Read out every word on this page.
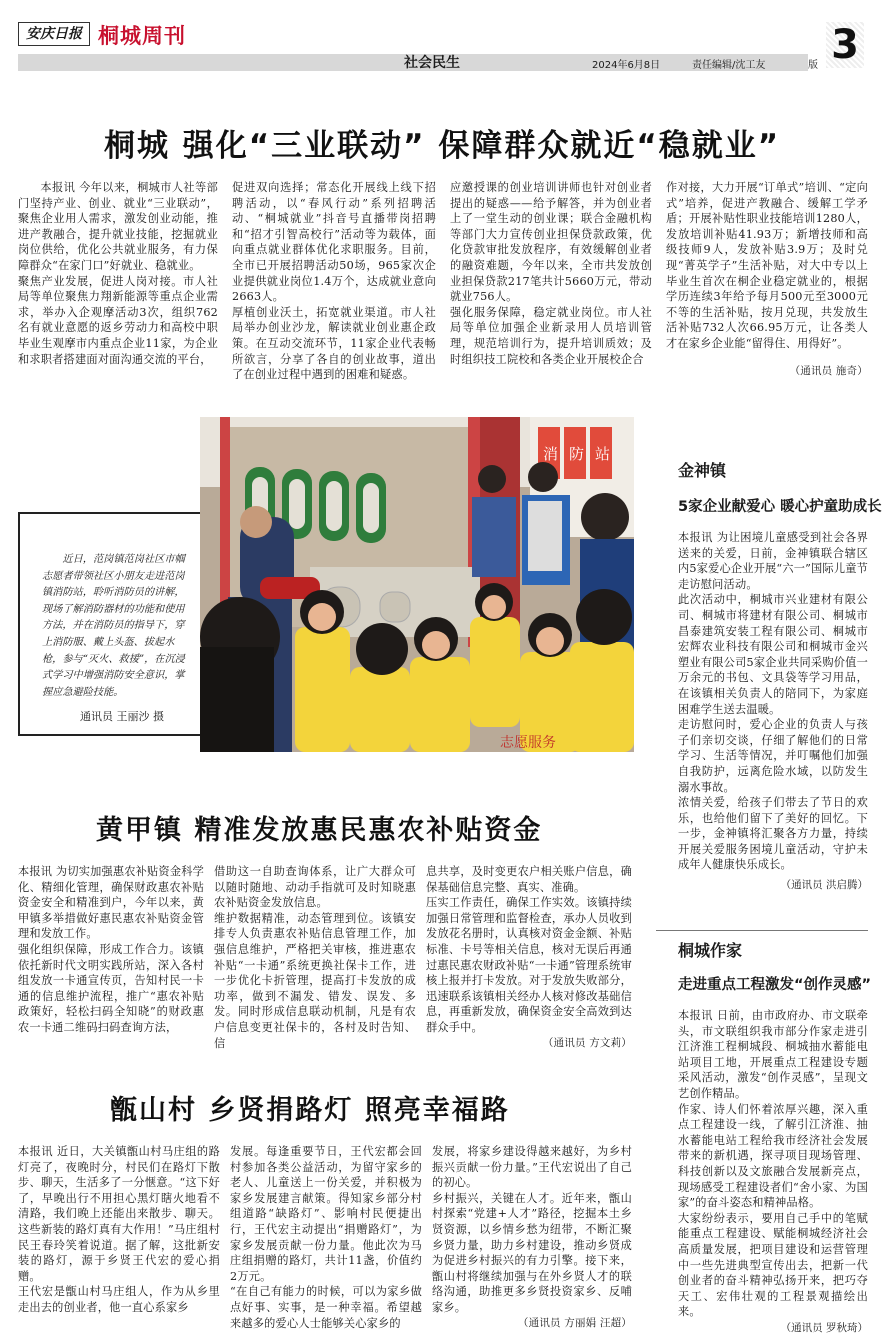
安庆日报 桐城周刊
社会民生	2024年6月8日	责任编辑/沈工友	版 3
桐城 强化“三业联动” 保障群众就近“稳就业”
本报讯 今年以来，桐城市人社等部门坚持产业、创业、就业“三业联动”，聚焦企业用人需求，激发创业动能，推进产教融合，提升就业技能，挖掘就业岗位供给，优化公共就业服务，有力保障群众“在家门口”好就业、稳就业。
聚焦产业发展，促进人岗对接。市人社局等单位聚焦力翔新能源等重点企业需求，举办入企观摩活动3次，组织762名有就业意愿的返乡劳动力和高校中职毕业生观摩市内重点企业11家，为企业和求职者搭建面对面沟通交流的平台，
促进双向选择；常态化开展线上线下招聘活动，以“春风行动”系列招聘活动、“桐城就业”抖音号直播带岗招聘和“招才引智高校行”活动等为载体，面向重点就业群体优化求职服务。目前，全市已开展招聘活动50场，965家次企业提供就业岗位1.4万个，达成就业意向2663人。
厚植创业沃土，拓宽就业渠道。市人社局举办创业沙龙，解读就业创业惠企政策。在互动交流环节，11家企业代表畅所欲言，分享了各自的创业故事，道出了在创业过程中遇到的困难和疑惑。
应邀授课的创业培训讲师也针对创业者提出的疑惑——给予解答，并为创业者上了一堂生动的创业课；联合金融机构等部门大力宣传创业担保贷款政策，优化贷款审批发放程序，有效缓解创业者的融资难题，今年以来，全市共发放创业担保贷款217笔共计5660万元，带动就业756人。
强化服务保障，稳定就业岗位。市人社局等单位加强企业新录用人员培训管理，规范培训行为，提升培训质效；及时组织技工院校和各类企业开展校企合
作对接，大力开展“订单式”培训、“定向式”培养，促进产教融合、缓解工学矛盾；开展补贴性职业技能培训1280人，发放培训补贴41.93万；新增技师和高级技师9人，发放补贴3.9万；及时兑现“菁英学子”生活补贴，对大中专以上毕业生首次在桐企业稳定就业的，根据学历连续3年给予每月500元至3000元不等的生活补贴，按月兑现，共发放生活补贴732人次66.95万元，让各类人才在家乡企业能“留得住、用得好”。
（通讯员 施奇）
近日，范岗镇范岗社区市帼志愿者带领社区小朋友走进范岗镇消防站，聆听消防员的讲解，现场了解消防器材的功能和使用方法，并在消防员的指导下，穿上消防服、戴上头盔、拔起水枪，参与“灭火、救援”，在沉浸式学习中增强消防安全意识，掌握应急避险技能。
通讯员 王丽沙 摄
消 防 站
志愿服务
金神镇
5家企业献爱心 暖心护童助成长
本报讯 为让困境儿童感受到社会各界送来的关爱，日前，金神镇联合辖区内5家爱心企业开展“六一”国际儿童节走访慰问活动。
此次活动中，桐城市兴业建材有限公司、桐城市将建材有限公司、桐城市昌泰建筑安装工程有限公司、桐城市宏辉农业科技有限公司和桐城市金兴塑业有限公司5家企业共同采购价值一万余元的书包、文具袋等学习用品，在该镇相关负责人的陪同下，为家庭困难学生送去温暖。
走访慰问时，爱心企业的负责人与孩子们亲切交谈，仔细了解他们的日常学习、生活等情况，并叮嘱他们加强自我防护，远离危险水域，以防发生溺水事故。
浓情关爱，给孩子们带去了节日的欢乐，也给他们留下了美好的回忆。下一步，金神镇将汇聚各方力量，持续开展关爱服务困境儿童活动，守护未成年人健康快乐成长。
（通讯员 洪启腾）
黄甲镇 精准发放惠民惠农补贴资金
本报讯 为切实加强惠农补贴资金科学化、精细化管理，确保财政惠农补贴资金安全和精准到户，今年以来，黄甲镇多举措做好惠民惠农补贴资金管理和发放工作。
强化组织保障，形成工作合力。该镇依托新时代文明实践所站，深入各村组发放一卡通宣传页，告知村民一卡通的信息维护流程，推广“惠农补贴政策好，轻松扫码全知晓”的财政惠农一卡通二维码扫码查询方法，
借助这一自助查询体系，让广大群众可以随时随地、动动手指就可及时知晓惠农补贴资金发放信息。
维护数据精准，动态管理到位。该镇安排专人负责惠农补贴信息管理工作，加强信息维护，严格把关审核，推进惠农补贴“一卡通”系统更换社保卡工作，进一步优化卡折管理，提高打卡发放的成功率，做到不漏发、错发、误发、多发。同时形成信息联动机制，凡是有农户信息变更社保卡的，各村及时告知、信
息共享，及时变更农户相关账户信息，确保基础信息完整、真实、准确。
压实工作责任，确保工作实效。该镇持续加强日常管理和监督检查，承办人员收到发放花名册时，认真核对资金金额、补贴标准、卡号等相关信息，核对无误后再通过惠民惠农财政补贴“一卡通”管理系统审核上报并打卡发放。对于发放失败部分，迅速联系该镇相关经办人核对修改基础信息，再重新发放，确保资金安全高效到达群众手中。
（通讯员 方文莉）
桐城作家
走进重点工程激发“创作灵感”
本报讯 日前，由市政府办、市文联牵头，市文联组织我市部分作家走进引江济淮工程桐城段、桐城抽水蓄能电站项目工地，开展重点工程建设专题采风活动，激发“创作灵感”，呈现文艺创作精品。
作家、诗人们怀着浓厚兴趣，深入重点工程建设一线，了解引江济淮、抽水蓄能电站工程给我市经济社会发展带来的新机遇，探寻项目现场管理、科技创新以及文旅融合发展新亮点，现场感受工程建设者们“舍小家、为国家”的奋斗姿态和精神品格。
大家纷纷表示，要用自己手中的笔赋能重点工程建设、赋能桐城经济社会高质量发展，把项目建设和运营管理中一些先进典型宣传出去，把新一代创业者的奋斗精神弘扬开来，把巧夺天工、宏伟壮观的工程景观描绘出来。
（通讯员 罗秋琦）
甑山村 乡贤捐路灯 照亮幸福路
本报讯 近日，大关镇甑山村马庄组的路灯亮了，夜晚时分，村民们在路灯下散步、聊天，生活多了一分惬意。“这下好了，早晚出行不用担心黑灯瞎火地看不清路，我们晚上还能出来散步、聊天。这些新装的路灯真有大作用！”马庄组村民王春玲笑着说道。据了解，这批新安装的路灯，源于乡贤王代宏的爱心捐赠。
王代宏是甑山村马庄组人，作为从乡里走出去的创业者，他一直心系家乡
发展。每逢重要节日，王代宏都会回村参加各类公益活动，为留守家乡的老人、儿童送上一份关爱，并积极为家乡发展建言献策。得知家乡部分村组道路“缺路灯”、影响村民便捷出行，王代宏主动提出“捐赠路灯”，为家乡发展贡献一份力量。他此次为马庄组捐赠的路灯，共计11盏，价值约2万元。
“在自己有能力的时候，可以为家乡做点好事、实事，是一种幸福。希望越来越多的爱心人士能够关心家乡的
发展，将家乡建设得越来越好，为乡村振兴贡献一份力量。”王代宏说出了自己的初心。
乡村振兴，关键在人才。近年来，甑山村探索“党建+人才”路径，挖掘本土乡贤资源，以乡情乡愁为纽带，不断汇聚乡贤力量，助力乡村建设，推动乡贤成为促进乡村振兴的有力引擎。接下来，甑山村将继续加强与在外乡贤人才的联络沟通，助推更多乡贤投资家乡、反哺家乡。
（通讯员 方丽娟 汪超）
